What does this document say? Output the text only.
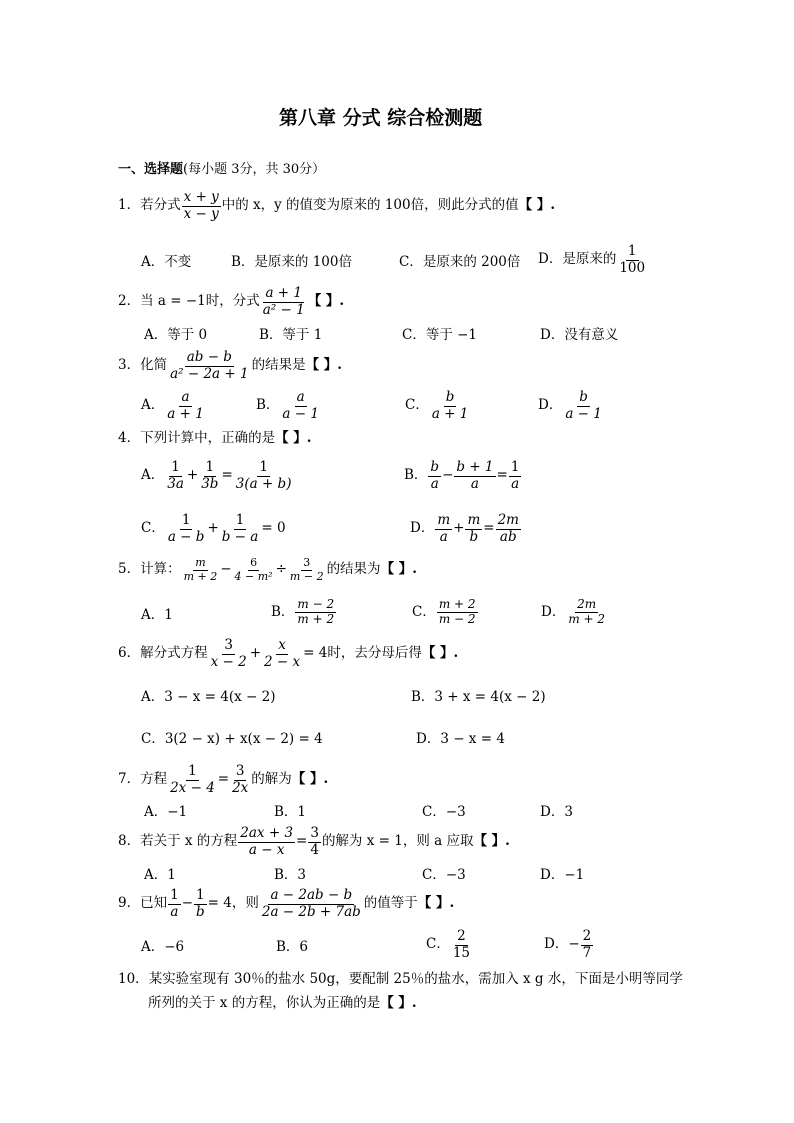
第八章 分式 综合检测题
一、选择题(每小题 3分，共 30分）
1． 若分式 $\frac{x + y}{x - y}$ 中的 x，y 的值变为原来的 100倍，则此分式的值 【 】.
A．不变	B．是原来的 100倍	C．是原来的 200倍 D．是原来的 $\frac{1}{100}$
2． 当 a = −1时，分式 $\frac{a + 1}{\text{a² − 1}}$ 【 】.
A．等于 0	B．等于 1	C．等于 −1	D．没有意义
3． 化简 $\frac{ab - b}{\text{a² − 2a + 1}}$ 的结果是 【 】.
A． $\frac{a}{a + 1}$	B． $\frac{a}{a - 1}$	C． $\frac{b}{a + 1}$	D． $\frac{b}{a - 1}$
4． 下列计算中，正确的是 【 】.
A． $\frac{1}{3a} + \frac{1}{3b} = \frac{1}{3(a + b)}$	B． $\frac{b}{a} - \frac{b + 1}{a} = \frac{1}{a}$
C． $\frac{1}{a - b} + \frac{1}{b - a} = 0$	D． $\frac{m}{a} + \frac{m}{b} = \frac{2m}{ab}$
5． 计算： $\frac{m}{m + 2} - \frac{6}{\text{4 − m²}} \div \frac{3}{m - 2}$ 的结果为 【 】.
A．1	B． $\frac{m - 2}{m + 2}$	C． $\frac{m + 2}{m - 2}$	D． $\frac{2m}{m + 2}$
6． 解分式方程 $\frac{3}{x - 2} + \frac{x}{2 - x} = 4$时，去分母后得 【 】.
A．3 − x = 4(x − 2)	B．3 + x = 4(x − 2)
C．3(2 − x) + x(x − 2) = 4	D．3 − x = 4
7． 方程 $\frac{1}{2x - 4} = \frac{3}{2x}$ 的解为 【 】.
A．−1	B．1	C．−3	D．3
8． 若关于 x 的方程 $\frac{2ax + 3}{a - x} = \frac{3}{4}$ 的解为 x = 1，则 a 应取 【 】.
A．1	B．3	C．−3	D．−1
9． 已知 $\frac{1}{a} - \frac{1}{b} = 4$，则 $\frac{a - 2ab - b}{2a - 2b + 7ab}$ 的值等于 【 】.
A．−6	B．6	C． $\frac{2}{15}$	D．− $\frac{2}{7}$
10．某实验室现有 30％的盐水 50g，要配制 25％的盐水，需加入 x g 水，下面是小明等同学
所列的关于 x 的方程，你认为正确的是【 】.
